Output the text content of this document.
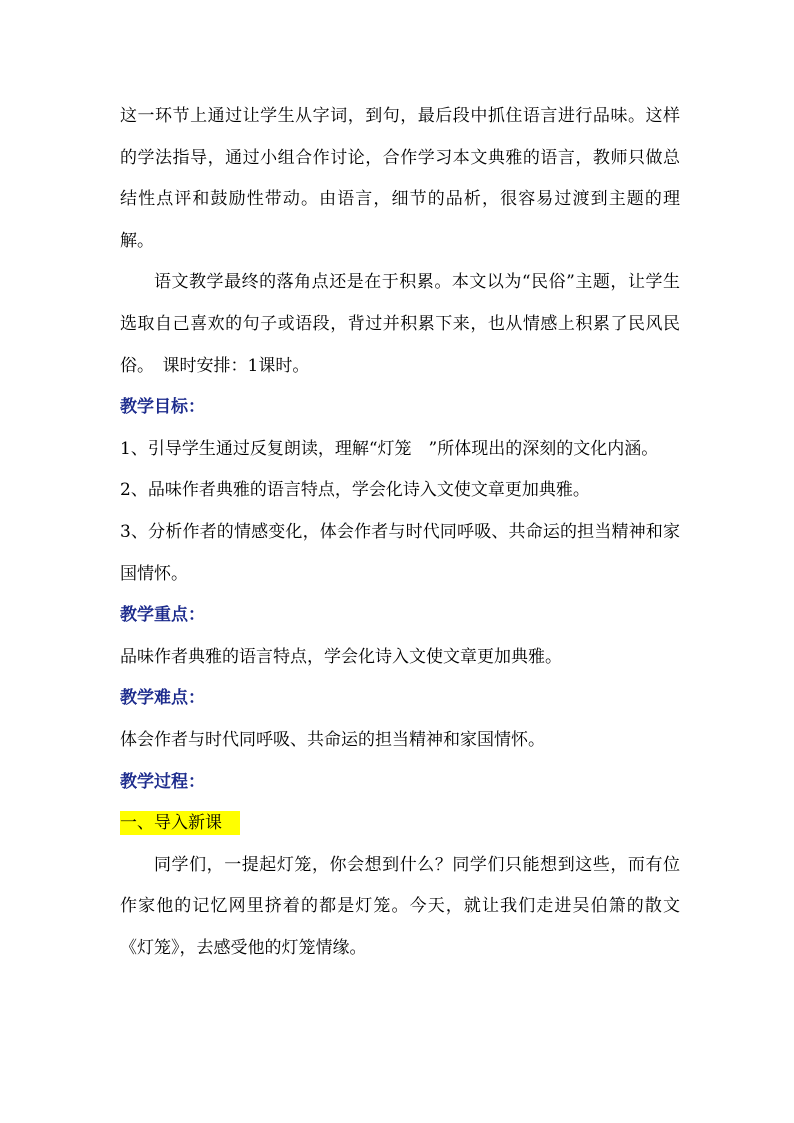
这一环节上通过让学生从字词，到句，最后段中抓住语言进行品味。这样的学法指导，通过小组合作讨论，合作学习本文典雅的语言，教师只做总结性点评和鼓励性带动。由语言，细节的品析，很容易过渡到主题的理解。

语文教学最终的落角点还是在于积累。本文以为“民俗”主题，让学生选取自己喜欢的句子或语段，背过并积累下来，也从情感上积累了民风民俗。　课时安排：1课时。

教学目标：

1、引导学生通过反复朗读，理解“灯笼　”所体现出的深刻的文化内涵。

2、品味作者典雅的语言特点，学会化诗入文使文章更加典雅。

3、分析作者的情感变化，体会作者与时代同呼吸、共命运的担当精神和家国情怀。

教学重点：

品味作者典雅的语言特点，学会化诗入文使文章更加典雅。

教学难点：

体会作者与时代同呼吸、共命运的担当精神和家国情怀。

教学过程：

一、导入新课

同学们，一提起灯笼，你会想到什么？同学们只能想到这些，而有位作家他的记忆网里挤着的都是灯笼。今天，就让我们走进吴伯箫的散文《灯笼》，去感受他的灯笼情缘。
